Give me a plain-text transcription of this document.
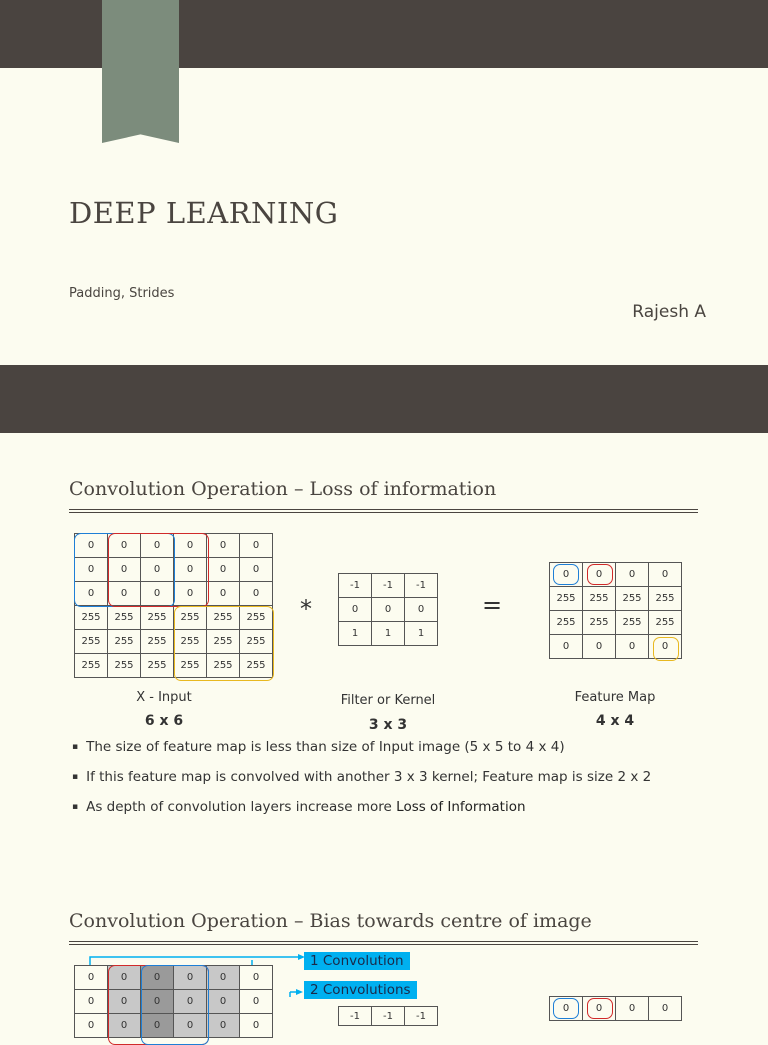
DEEP LEARNING
Padding, Strides
Rajesh A
Convolution Operation – Loss of information
0	0	0	0	0	0
0	0	0	0	0	0
0	0	0	0	0	0
255	255	255	255	255	255
255	255	255	255	255	255
255	255	255	255	255	255
X - Input
6 x 6
*
-1	-1	-1
0	0	0
1	1	1
Filter or Kernel
3 x 3
=
0	0	0	0
255	255	255	255
255	255	255	255
0	0	0	0
Feature Map
4 x 4
▪ The size of feature map is less than size of Input image (5 x 5 to 4 x 4)
▪ If this feature map is convolved with another 3 x 3 kernel; Feature map is size 2 x 2
▪ As depth of convolution layers increase more Loss of Information
Convolution Operation – Bias towards centre of image
0	0	0	0	0	0
0	0	0	0	0	0
0	0	0	0	0	0
1 Convolution
2 Convolutions
-1	-1	-1
0	0	0	0
